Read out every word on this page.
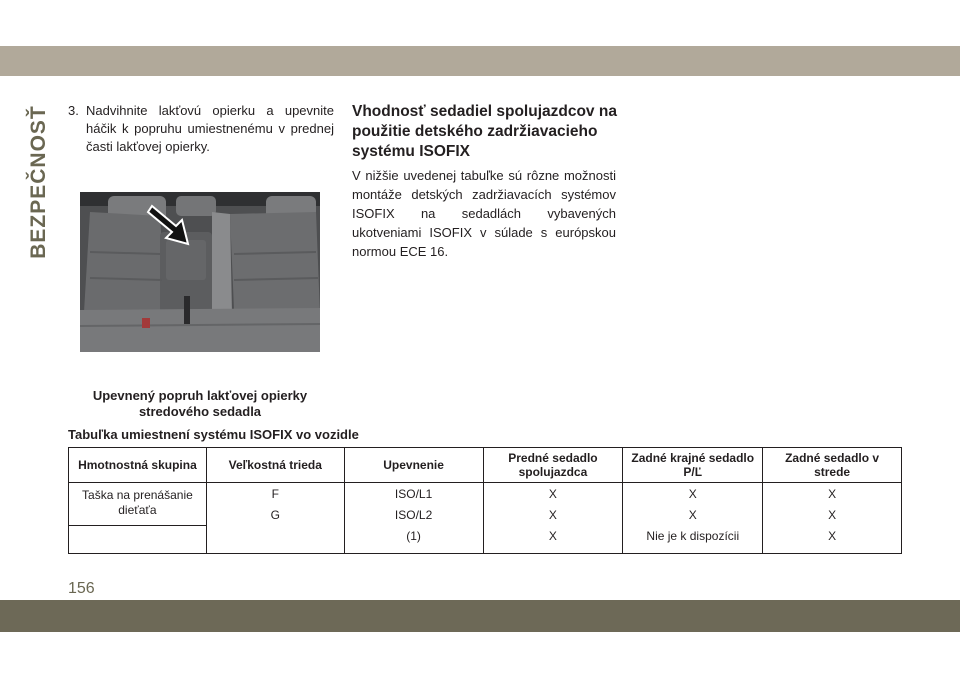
BEZPEČNOSŤ 3. Nadvihnite lakťovú opierku a upevnite háčik k popruhu umiestnenému v prednej časti lakťovej opierky.
Upevnený popruh lakťovej opierky stredového sedadla
Vhodnosť sedadiel spolujazdcov na použitie detského zadržiavacieho systému ISOFIX
V nižšie uvedenej tabuľke sú rôzne možnosti montáže detských zadržiavacích systémov ISOFIX na sedadlách vybavených ukotveniami ISOFIX v súlade s európskou normou ECE 16.
Tabuľka umiestnení systému ISOFIX vo vozidle
Hmotnostná skupina	Veľkostná trieda	Upevnenie	Predné sedadlo spolujazdca	Zadné krajné sedadlo P/Ľ	Zadné sedadlo v strede
Taška na prenášanie dieťaťa	F	ISO/L1	X	X	X
	G	ISO/L2	X	X	X
		(1)	X	Nie je k dispozícii	X
156
